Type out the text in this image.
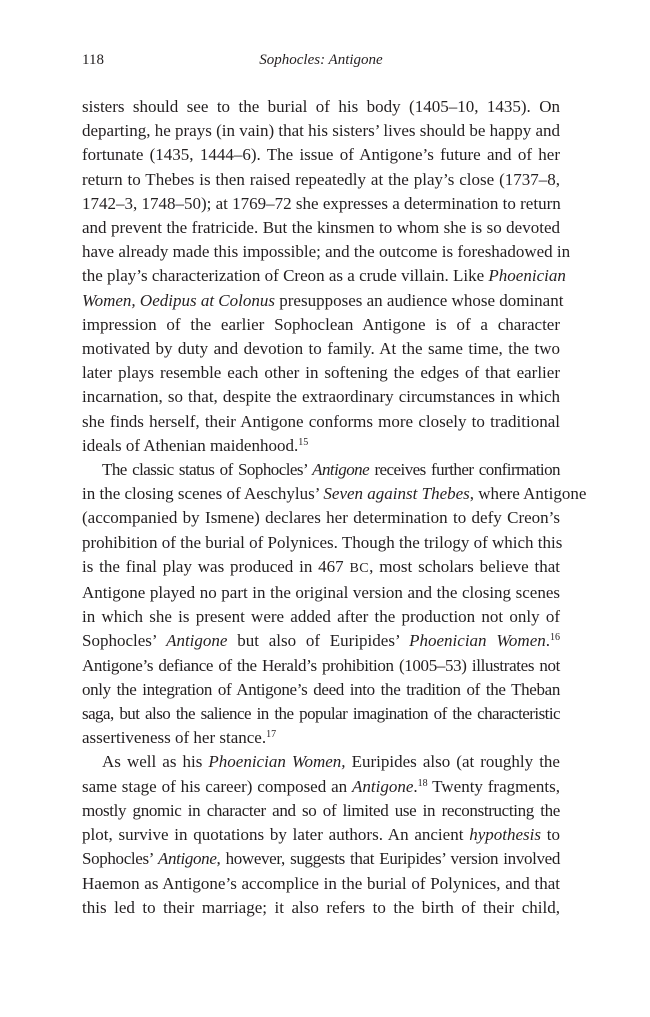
118	Sophocles: Antigone

sisters should see to the burial of his body (1405–10, 1435). On
departing, he prays (in vain) that his sisters’ lives should be happy and
fortunate (1435, 1444–6). The issue of Antigone’s future and of her
return to Thebes is then raised repeatedly at the play’s close (1737–8,
1742–3, 1748–50); at 1769–72 she expresses a determination to return
and prevent the fratricide. But the kinsmen to whom she is so devoted
have already made this impossible; and the outcome is foreshadowed in
the play’s characterization of Creon as a crude villain. Like Phoenician
Women, Oedipus at Colonus presupposes an audience whose dominant
impression of the earlier Sophoclean Antigone is of a character
motivated by duty and devotion to family. At the same time, the two
later plays resemble each other in softening the edges of that earlier
incarnation, so that, despite the extraordinary circumstances in which
she finds herself, their Antigone conforms more closely to traditional
ideals of Athenian maidenhood.$^{15}$

The classic status of Sophocles’ Antigone receives further confirmation
in the closing scenes of Aeschylus’ Seven against Thebes, where Antigone
(accompanied by Ismene) declares her determination to defy Creon’s
prohibition of the burial of Polynices. Though the trilogy of which this
is the final play was produced in 467 BC, most scholars believe that
Antigone played no part in the original version and the closing scenes
in which she is present were added after the production not only of
Sophocles’ Antigone but also of Euripides’ Phoenician Women.$^{16}$
Antigone’s defiance of the Herald’s prohibition (1005–53) illustrates not
only the integration of Antigone’s deed into the tradition of the Theban
saga, but also the salience in the popular imagination of the characteristic
assertiveness of her stance.$^{17}$

As well as his Phoenician Women, Euripides also (at roughly the
same stage of his career) composed an Antigone.$^{18}$ Twenty fragments,
mostly gnomic in character and so of limited use in reconstructing the
plot, survive in quotations by later authors. An ancient hypothesis to
Sophocles’ Antigone, however, suggests that Euripides’ version involved
Haemon as Antigone’s accomplice in the burial of Polynices, and that
this led to their marriage; it also refers to the birth of their child,
